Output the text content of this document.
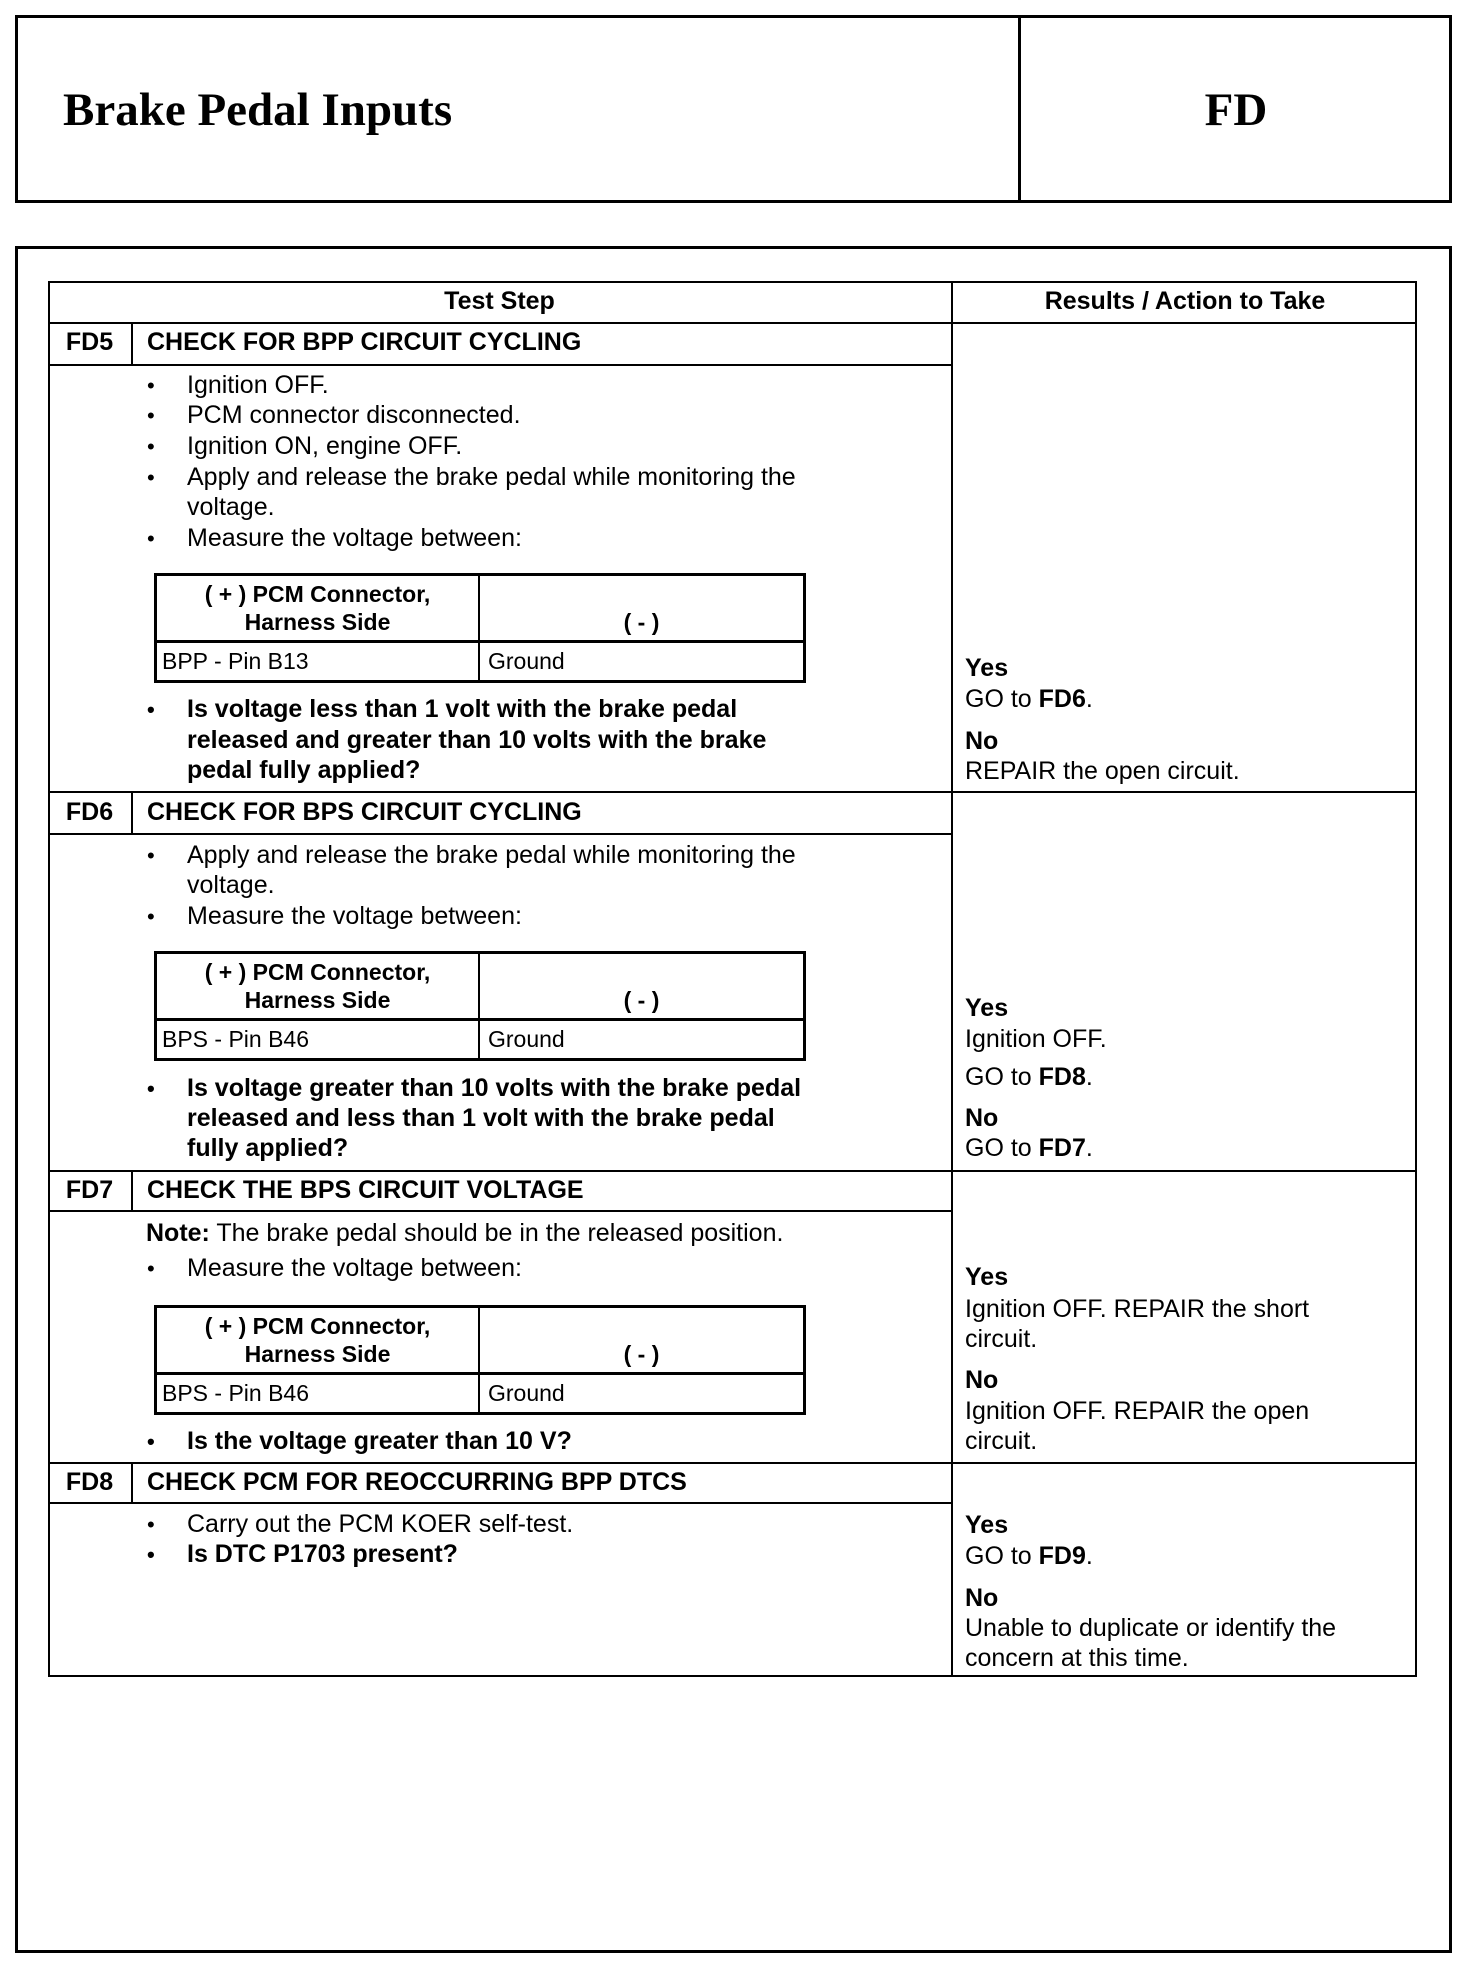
Brake Pedal Inputs	FD
Test Step	Results / Action to Take
FD5	CHECK FOR BPP CIRCUIT CYCLING
• Ignition OFF.
• PCM connector disconnected.
• Ignition ON, engine OFF.
• Apply and release the brake pedal while monitoring the
voltage.
• Measure the voltage between:
( + ) PCM Connector,
Harness Side	( - )
BPP - Pin B13	Ground
• Is voltage less than 1 volt with the brake pedal
released and greater than 10 volts with the brake
pedal fully applied?
Yes
GO to FD6.
No
REPAIR the open circuit.
FD6	CHECK FOR BPS CIRCUIT CYCLING
• Apply and release the brake pedal while monitoring the
voltage.
• Measure the voltage between:
( + ) PCM Connector,
Harness Side	( - )
BPS - Pin B46	Ground
• Is voltage greater than 10 volts with the brake pedal
released and less than 1 volt with the brake pedal
fully applied?
Yes
Ignition OFF.
GO to FD8.
No
GO to FD7.
FD7	CHECK THE BPS CIRCUIT VOLTAGE
Note: The brake pedal should be in the released position.
• Measure the voltage between:
( + ) PCM Connector,
Harness Side	( - )
BPS - Pin B46	Ground
• Is the voltage greater than 10 V?
Yes
Ignition OFF. REPAIR the short
circuit.
No
Ignition OFF. REPAIR the open
circuit.
FD8	CHECK PCM FOR REOCCURRING BPP DTCS
• Carry out the PCM KOER self-test.
• Is DTC P1703 present?
Yes
GO to FD9.
No
Unable to duplicate or identify the
concern at this time.
